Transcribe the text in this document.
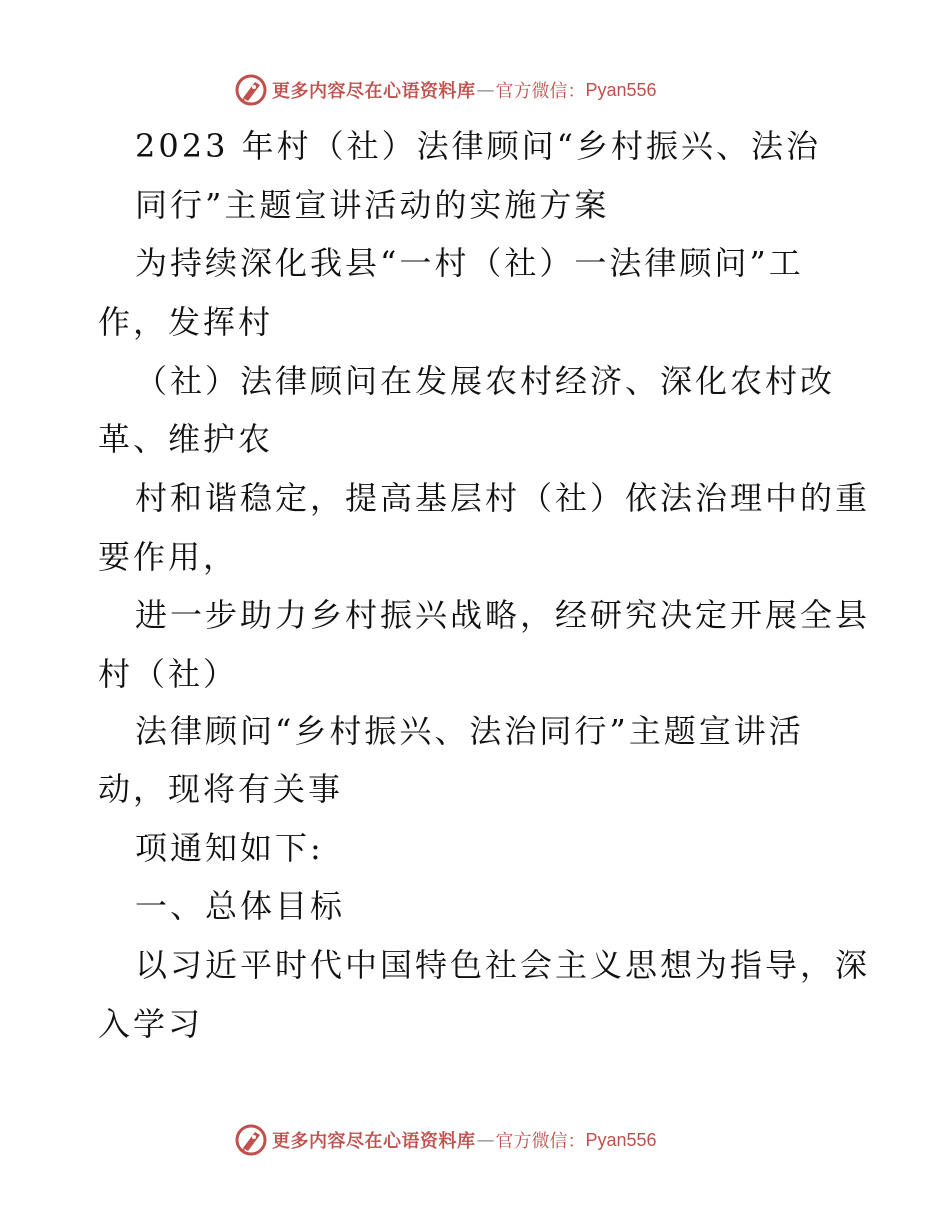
更多内容尽在心语资料库 — 官方微信： Pyan556
2023 年村（社）法律顾问“乡村振兴、法治
同行”主题宣讲活动的实施方案
为持续深化我县“一村（社）一法律顾问”工
作，发挥村
（社）法律顾问在发展农村经济、深化农村改
革、维护农
村和谐稳定，提高基层村（社）依法治理中的重
要作用，
进一步助力乡村振兴战略，经研究决定开展全县
村（社）
法律顾问“乡村振兴、法治同行”主题宣讲活
动，现将有关事
项通知如下:
一、总体目标
以习近平时代中国特色社会主义思想为指导，深
入学习
更多内容尽在心语资料库 — 官方微信： Pyan556
